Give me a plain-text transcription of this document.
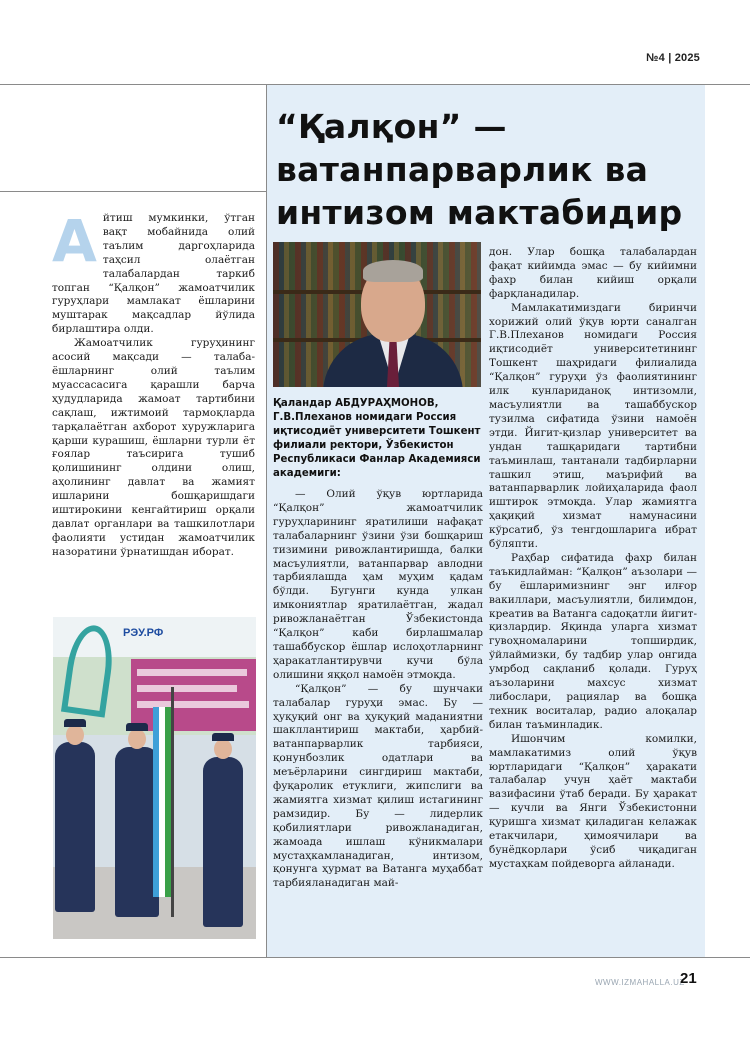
№4 | 2025
“Қалқон” —
ватанпарварлик ва
интизом мактабидир

Айтиш мумкинки, ўтган вақт мобайнида олий таълим даргоҳларида таҳсил олаётган талабалардан таркиб топган “Қалқон” жамоатчилик гуруҳлари мамлакат ёшларини муштарак мақсадлар йўлида бирлаштира олди.

Жамоатчилик гуруҳининг асосий мақсади — талаба-ёшларнинг олий таълим муассасасига қарашли барча ҳудудларида жамоат тартибини сақлаш, ижтимоий тармоқларда тарқалаётган ахборот хуружларига қарши курашиш, ёшларни турли ёт ғоялар таъсирига тушиб қолишининг олдини олиш, аҳолининг давлат ва жамият ишларини бошқаришдаги иштирокини кенгайтириш орқали давлат органлари ва ташкилотлари фаолияти устидан жамоатчилик назоратини ўрнатишдан иборат.

Қаландар АБДУРАҲМОНОВ, Г.В.Плеханов номидаги Россия иқтисодиёт университети Тошкент филиали ректори, Ўзбекистон Республикаси Фанлар Академияси академиги:

— Олий ўқув юртларида “Қалқон” жамоатчилик гуруҳларининг яратилиши нафақат талабаларнинг ўзини ўзи бошқариш тизимини ривожлантиришда, балки масъулиятли, ватанпарвар авлодни тарбиялашда ҳам муҳим қадам бўлди. Бугунги кунда улкан имкониятлар яратилаётган, жадал ривожланаётган Ўзбекистонда “Қалқон” каби бирлашмалар ташаббускор ёшлар ислоҳотларнинг ҳаракатлантирувчи кучи бўла олишини яққол намоён этмоқда.

“Қалқон” — бу шунчаки талабалар гуруҳи эмас. Бу — ҳуқуқий онг ва ҳуқуқий маданиятни шакллантириш мактаби, ҳарбий-ватанпарварлик тарбияси, қонунбозлик одатлари ва меъёрларини сингдириш мактаби, фуқаролик етуклиги, жипслиги ва жамиятга хизмат қилиш истагининг рамзидир. Бу — лидерлик қобилиятлари ривожланадиган, жамоада ишлаш кўникмалари мустаҳкамланадиган, интизом, қонунга ҳурмат ва Ватанга муҳаббат тарбияланадиган май-

дон. Улар бошқа талабалардан фақат кийимда эмас — бу кийимни фахр билан кийиш орқали фарқланадилар.

Мамлакатимиздаги биринчи хорижий олий ўқув юрти саналган Г.В.Плеханов номидаги Россия иқтисодиёт университетининг Тошкент шаҳридаги филиалида “Қалқон” гуруҳи ўз фаолиятининг илк кунлариданоқ интизомли, масъулиятли ва ташаббускор тузилма сифатида ўзини намоён этди. Йигит-қизлар университет ва ундан ташқаридаги тартибни таъминлаш, тантанали тадбирларни ташкил этиш, маърифий ва ватанпарварлик лойиҳаларида фаол иштирок этмоқда. Улар жамиятга ҳақиқий хизмат намунасини кўрсатиб, ўз тенгдошларига ибрат бўляпти.

Раҳбар сифатида фахр билан таъкидлайман: “Қалқон” аъзолари — бу ёшларимизнинг энг илғор вакиллари, масъулиятли, билимдон, креатив ва Ватанга садоқатли йигит-қизлардир. Яқинда уларга хизмат гувоҳномаларини топширдик, ўйлаймизки, бу тадбир улар онгида умрбод сақланиб қолади. Гуруҳ аъзоларини махсус хизмат либослари, рациялар ва бошқа техник воситалар, радио алоқалар билан таъминладик.

Ишончим комилки, мамлакатимиз олий ўқув юртларидаги “Қалқон” ҳаракати талабалар учун ҳаёт мактаби вазифасини ўтаб беради. Бу ҳаракат — кучли ва Янги Ўзбекистонни қуришга хизмат қиладиган келажак етакчилари, ҳимоячилари ва бунёдкорлари ўсиб чиқадиган мустаҳкам пойдеворга айланади.

РЭУ.РФ
WWW.IZMAHALLA.UZ
21
